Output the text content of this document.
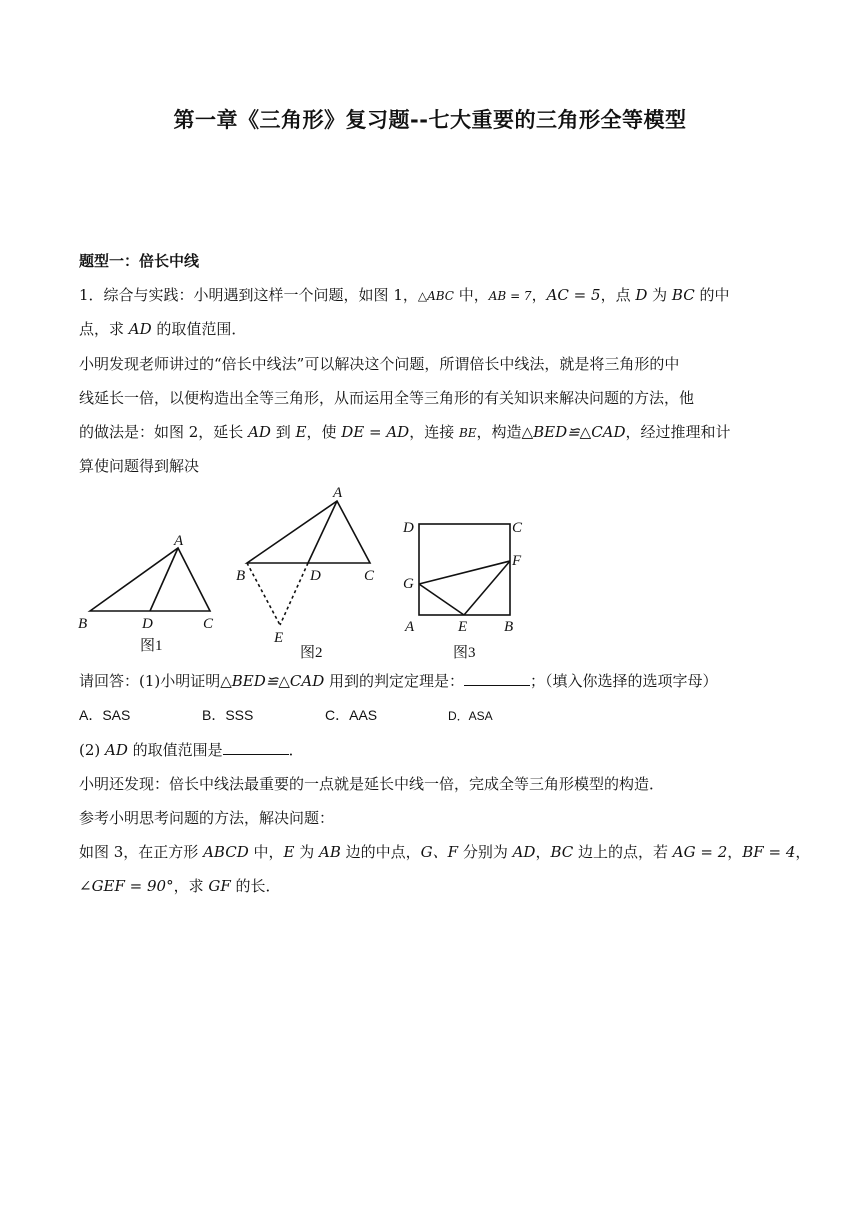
第一章《三角形》复习题--七大重要的三角形全等模型
题型一：倍长中线
1．综合与实践：小明遇到这样一个问题，如图 1，△ABC 中，AB = 7，AC = 5，点 D 为 BC 的中
点，求 AD 的取值范围．
小明发现老师讲过的“倍长中线法”可以解决这个问题，所谓倍长中线法，就是将三角形的中
线延长一倍，以便构造出全等三角形，从而运用全等三角形的有关知识来解决问题的方法，他
的做法是：如图 2，延长 AD 到 E，使 DE = AD，连接 BE，构造△BED≌△CAD，经过推理和计
算使问题得到解决
A
B	D	C
图1
A
B	D	C
E
图2
D	C
F
G
A	E B
图3
请回答：(1)小明证明△BED≌△CAD 用到的判定定理是：	；（填入你选择的选项字母）
A．SAS	B．SSS	C．AAS	D．ASA
(2) AD 的取值范围是	．
小明还发现：倍长中线法最重要的一点就是延长中线一倍，完成全等三角形模型的构造．
参考小明思考问题的方法，解决问题：
如图 3，在正方形 ABCD 中，E 为 AB 边的中点，G、F 分别为 AD，BC 边上的点，若 AG = 2，BF = 4，
∠GEF = 90°，求 GF 的长．
